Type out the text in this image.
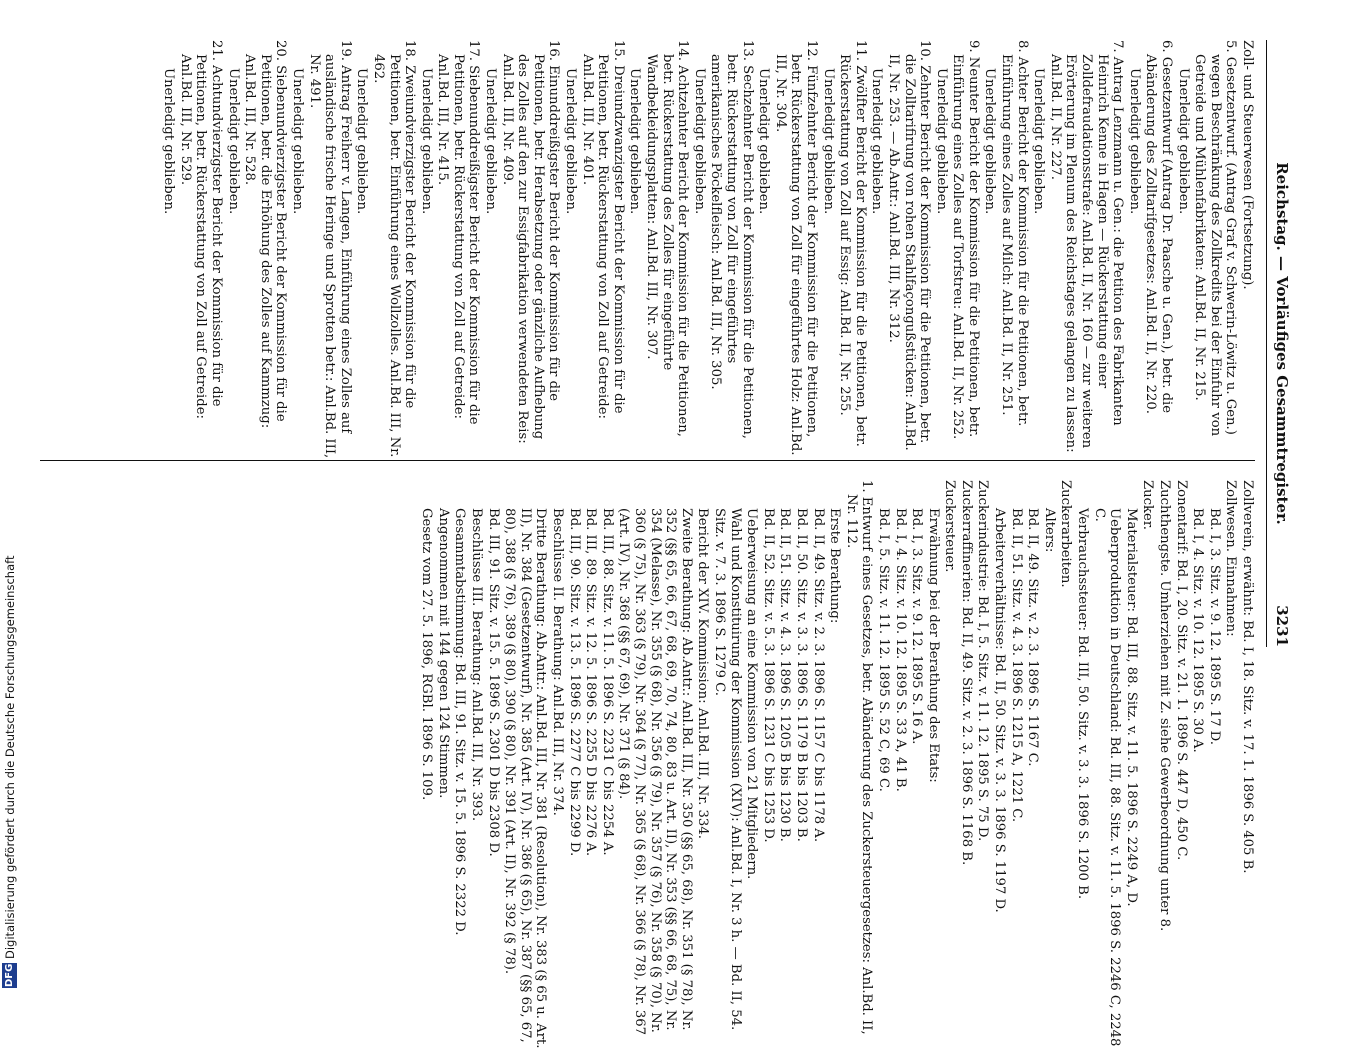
Reichstag. — Vorläufiges Gesammtregister.
3231

Zoll- und Steuerwesen (Fortsetzung).

5. Gesetzentwurf. (Antrag Graf v. Schwerin-Löwitz u. Gen.) wegen Beschränkung des Zollkredits bei der Einfuhr von Getreide und Mühlenfabrikaten: Anl.Bd. II, Nr. 215.

Unerledigt geblieben.

6. Gesetzentwurf (Antrag Dr. Paasche u. Gen.), betr. die Abänderung des Zolltarifgesetzes: Anl.Bd. II, Nr. 220.

Unerledigt geblieben.

7. Antrag Lenzmann u. Gen.: die Petition des Fabrikanten Heinrich Kenne in Hagen — Rückerstattung einer Zolldefraudationsstrafe: Anl.Bd. II, Nr. 160 — zur weiteren Erörterung im Plenum des Reichstages gelangen zu lassen: Anl.Bd. II, Nr. 227.

Unerledigt geblieben.

8. Achter Bericht der Kommission für die Petitionen, betr. Einführung eines Zolles auf Milch: Anl.Bd. II, Nr. 251.

Unerledigt geblieben.

9. Neunter Bericht der Kommission für die Petitionen, betr. Einführung eines Zolles auf Torfstreu: Anl.Bd. II, Nr. 252.

Unerledigt geblieben.

10. Zehnter Bericht der Kommission für die Petitionen, betr. die Zolltarifirung von rohen Stahlfaçongußstücken: Anl.Bd. II, Nr. 253. — Ab.Antr.: Anl.Bd. III, Nr. 312.

Unerledigt geblieben.

11. Zwölfter Bericht der Kommission für die Petitionen, betr. Rückerstattung von Zoll auf Essig: Anl.Bd. II, Nr. 255.

Unerledigt geblieben.

12. Fünfzehnter Bericht der Kommission für die Petitionen, betr. Rückerstattung von Zoll für eingeführtes Holz: Anl.Bd. III, Nr. 304.

Unerledigt geblieben.

13. Sechzehnter Bericht der Kommission für die Petitionen, betr. Rückerstattung von Zoll für eingeführtes amerikanisches Pöckelfleisch: Anl.Bd. III, Nr. 305.

Unerledigt geblieben.

14. Achtzehnter Bericht der Kommission für die Petitionen, betr. Rückerstattung des Zolles für eingeführte Wandbekleidungsplatten: Anl.Bd. III, Nr. 307.

Unerledigt geblieben.

15. Dreiundzwanzigster Bericht der Kommission für die Petitionen, betr. Rückerstattung von Zoll auf Getreide: Anl.Bd. III, Nr. 401.

Unerledigt geblieben.

16. Einunddreißigster Bericht der Kommission für die Petitionen, betr. Herabsetzung oder gänzliche Aufhebung des Zolles auf den zur Essigfabrikation verwendeten Reis: Anl.Bd. III, Nr. 409.

Unerledigt geblieben.

17. Siebenunddreißigster Bericht der Kommission für die Petitionen, betr. Rückerstattung von Zoll auf Getreide: Anl.Bd. III, Nr. 415.

Unerledigt geblieben.

18. Zweiundvierzigster Bericht der Kommission für die Petitionen, betr. Einführung eines Wollzolles. Anl.Bd. III, Nr. 462.

Unerledigt geblieben.

19. Antrag Freiherr v. Langen, Einführung eines Zolles auf ausländische frische Heringe und Sprotten betr.: Anl.Bd. III, Nr. 491.

Unerledigt geblieben.

20. Siebenundvierzigster Bericht der Kommission für die Petitionen, betr. die Erhöhung des Zolles auf Kammzug: Anl.Bd. III, Nr. 528.

Unerledigt geblieben.

21. Achtundvierzigster Bericht der Kommission für die Petitionen, betr. Rückerstattung von Zoll auf Getreide: Anl.Bd. III, Nr. 529.

Unerledigt geblieben.

Zollverein, erwähnt: Bd. I, 18. Sitz. v. 17. 1. 1896 S. 405 B.

Zollwesen. Einnahmen:

Bd. I, 3. Sitz. v. 9. 12. 1895 S. 17 D.

Bd. I, 4. Sitz. v. 10. 12. 1895 S. 30 A.

Zonentarif: Bd. I, 20. Sitz. v. 21. 1. 1896 S. 447 D, 450 C.

Zuchthengste. Umherziehen mit Z. siehe Gewerbeordnung unter 8.

Zucker.

Materialsteuer: Bd. III, 88. Sitz. v. 11. 5. 1896 S. 2249 A, D.

Ueberproduktion in Deutschland: Bd. III, 88. Sitz. v. 11. 5. 1896 S. 2246 C, 2248 C.

Verbrauchssteuer: Bd. III, 50. Sitz. v. 3. 3. 1896 S. 1200 B.

Zuckerarbeiten.

Alters:

Bd. II, 49. Sitz. v. 2. 3. 1896 S. 1167 C.

Bd. II, 51. Sitz. v. 4. 3. 1896 S. 1215 A, 1221 C.

Arbeiterverhältnisse: Bd. II, 50. Sitz. v. 3. 3. 1896 S. 1197 D.

Zuckerindustrie: Bd. I, 5. Sitz. v. 11. 12. 1895 S. 75 D.

Zuckerraffinerien: Bd. II, 49. Sitz. v. 2. 3. 1896 S. 1168 B.

Zuckersteuer.

Erwähnung bei der Berathung des Etats:

Bd. I, 3. Sitz. v. 9. 12. 1895 S. 16 A.

Bd. I, 4. Sitz. v. 10. 12. 1895 S. 33 A, 41 B.

Bd. I, 5. Sitz. v. 11. 12. 1895 S. 52 C, 69 C.

1. Entwurf eines Gesetzes, betr. Abänderung des Zuckersteuergesetzes: Anl.Bd. II, Nr. 112.

Erste Berathung:

Bd. II, 49. Sitz. v. 2. 3. 1896 S. 1157 C bis 1178 A.

Bd. II, 50. Sitz. v. 3. 3. 1896 S. 1179 B bis 1203 B.

Bd. II, 51. Sitz. v. 4. 3. 1896 S. 1205 B bis 1230 B.

Bd. II, 52. Sitz. v. 5. 3. 1896 S. 1231 C bis 1253 D.

Ueberweisung an eine Kommission von 21 Mitgliedern.

Wahl und Konstituirung der Kommission (XIV): Anl.Bd. I, Nr. 3 h. — Bd. II, 54. Sitz. v. 7. 3. 1896 S. 1279 C.

Bericht der XIV. Kommission: Anl.Bd. III, Nr. 334.

Zweite Berathung: Ab.Antr.: Anl.Bd. III, Nr. 350 (§§ 65, 68), Nr. 351 (§ 78), Nr. 352 (§§ 65, 66, 67, 68, 69, 70, 74, 80, 83 u. Art. II), Nr. 353 (§§ 66, 68, 75), Nr. 354 (Melasse), Nr. 355 (§ 68), Nr. 356 (§ 79), Nr. 357 (§ 76), Nr. 358 (§ 70), Nr. 360 (§ 75), Nr. 363 (§ 79), Nr. 364 (§ 77), Nr. 365 (§ 68), Nr. 366 (§ 78), Nr. 367 (Art. IV), Nr. 368 (§§ 67, 69), Nr. 371 (§ 84).

Bd. III, 88. Sitz. v. 11. 5. 1896 S. 2231 C bis 2254 A.

Bd. III, 89. Sitz. v. 12. 5. 1896 S. 2255 D bis 2276 A.

Bd. III, 90. Sitz. v. 13. 5. 1896 S. 2277 C bis 2299 D.

Beschlüsse II. Berathung: Anl.Bd. III, Nr. 374.

Dritte Berathung: Ab.Antr.: Anl.Bd. III, Nr. 381 (Resolution), Nr. 383 (§ 65 u. Art. II), Nr. 384 (Gesetzentwurf), Nr. 385 (Art. IV), Nr. 386 (§ 65), Nr. 387 (§§ 65, 67, 80), 388 (§ 76), 389 (§ 80), 390 (§ 80), Nr. 391 (Art. II), Nr. 392 (§ 78).

Bd. III, 91. Sitz. v. 15. 5. 1896 S. 2301 D bis 2308 D.

Beschlüsse III. Berathung: Anl.Bd. III, Nr. 393.

Gesammtabstimmung: Bd. III, 91. Sitz. v. 15. 5. 1896 S. 2322 D.

Angenommen mit 144 gegen 124 Stimmen.

Gesetz vom 27. 5. 1896, RGBl. 1896 S. 109.

DFG Digitalisierung gefördert durch die Deutsche Forschungsgemeinschaft
